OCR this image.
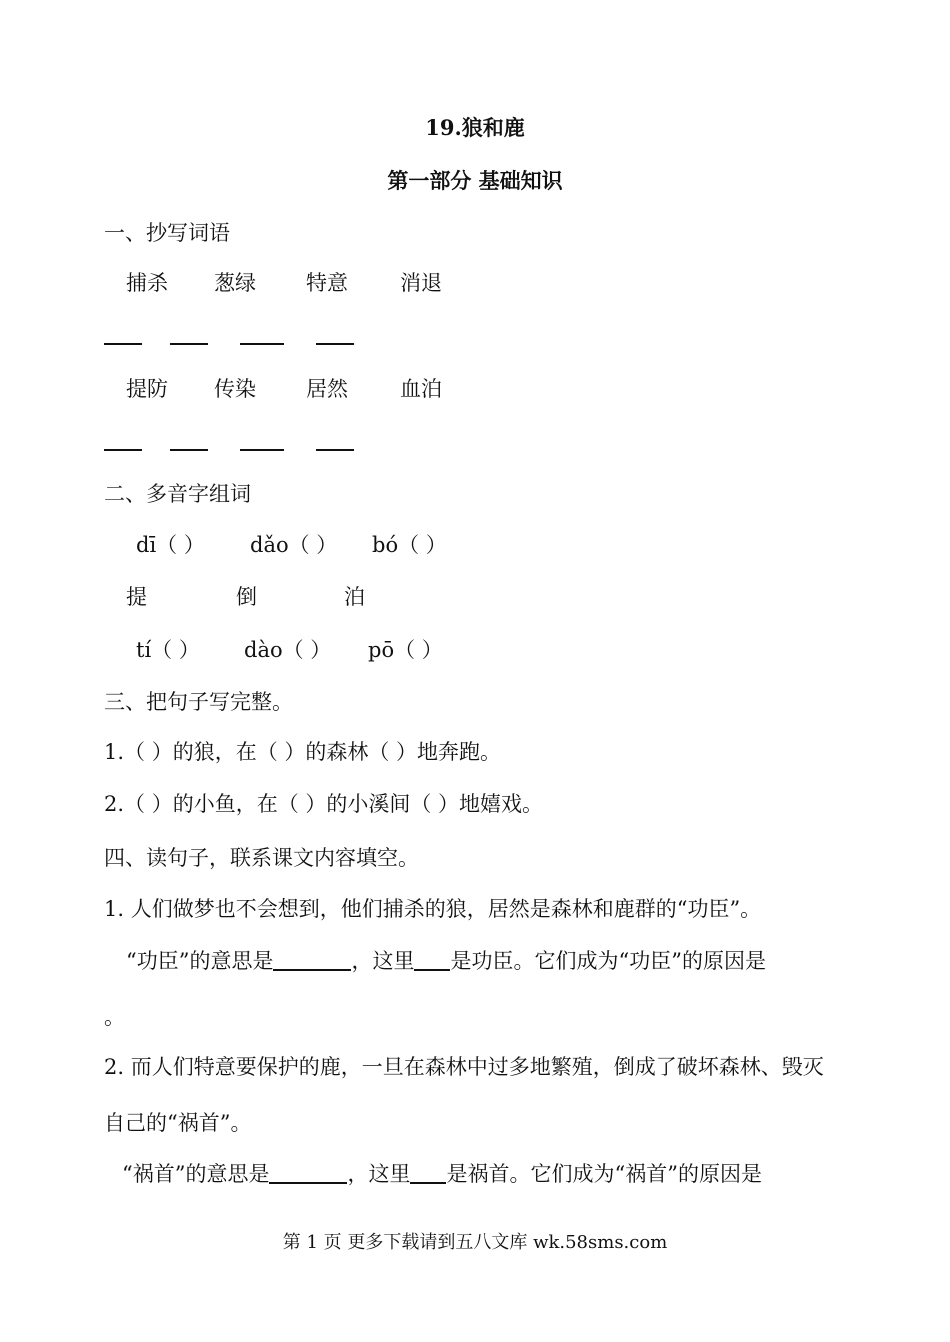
19.狼和鹿
第一部分 基础知识
一、抄写词语
捕杀 葱绿 特意 消退
提防 传染 居然 血泊
二、多音字组词
dī（ ） dǎo（ ） bó（ ）
提	倒	泊
tí（ ） dào（ ） pō（ ）
三、把句子写完整。
1.（ ）的狼，在（ ）的森林（ ）地奔跑。
2.（ ）的小鱼，在（ ）的小溪间（ ）地嬉戏。
四、读句子，联系课文内容填空。
1. 人们做梦也不会想到，他们捕杀的狼，居然是森林和鹿群的“功臣”。
“功臣”的意思是	，这里 是功臣。它们成为“功臣”的原因是
。
2. 而人们特意要保护的鹿，一旦在森林中过多地繁殖，倒成了破坏森林、毁灭
自己的“祸首”。
“祸首”的意思是	，这里 是祸首。它们成为“祸首”的原因是
第 1 页 更多下载请到五八文库 wk.58sms.com
